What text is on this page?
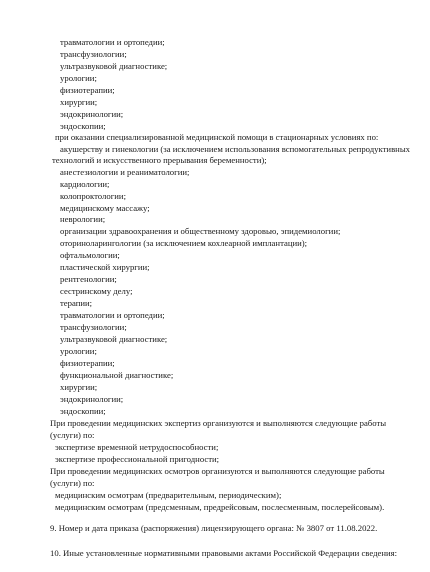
травматологии и ортопедии;
трансфузиологии;
ультразвуковой диагностике;
урологии;
физиотерапии;
хирургии;
эндокринологии;
эндоскопии;
при оказании специализированной медицинской помощи в стационарных условиях по:
акушерству и гинекологии (за исключением использования вспомогательных репродуктивных
технологий и искусственного прерывания беременности);
анестезиологии и реаниматологии;
кардиологии;
колопроктологии;
медицинскому массажу;
неврологии;
организации здравоохранения и общественному здоровью, эпидемиологии;
оториноларингологии (за исключением кохлеарной имплантации);
офтальмологии;
пластической хирургии;
рентгенологии;
сестринскому делу;
терапии;
травматологии и ортопедии;
трансфузиологии;
ультразвуковой диагностике;
урологии;
физиотерапии;
функциональной диагностике;
хирургии;
эндокринологии;
эндоскопии;
При проведении медицинских экспертиз организуются и выполняются следующие работы
(услуги) по:
экспертизе временной нетрудоспособности;
экспертизе профессиональной пригодности;
При проведении медицинских осмотров организуются и выполняются следующие работы
(услуги) по:
медицинским осмотрам (предварительным, периодическим);
медицинским осмотрам (предсменным, предрейсовым, послесменным, послерейсовым).
9. Номер и дата приказа (распоряжения) лицензирующего органа: № 3807 от 11.08.2022.
10. Иные установленные нормативными правовыми актами Российской Федерации сведения:
